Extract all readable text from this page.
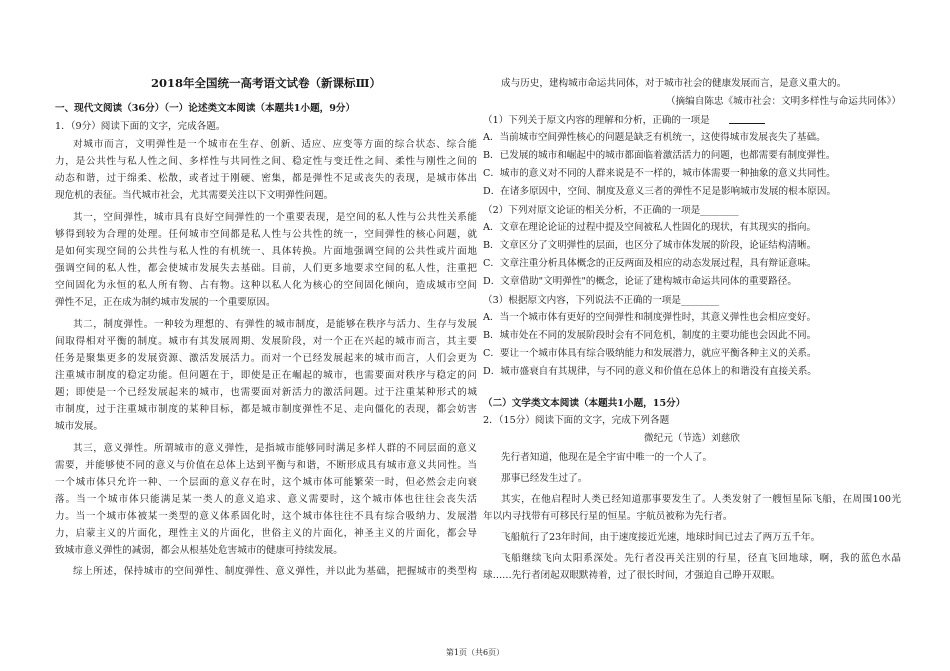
2018年全国统一高考语文试卷（新课标Ⅲ）
一、现代文阅读（36分）（一）论述类文本阅读（本题共1小题，9分）
1．（9分）阅读下面的文字，完成各题。
对城市而言，文明弹性是一个城市在生存、创新、适应、应变等方面的综合状态、综合能
力，是公共性与私人性之间、多样性与共同性之间、稳定性与变迁性之间、柔性与刚性之间的
动态和谐，过于绵柔、松散，或者过于刚硬、密集，都是弹性不足或丧失的表现，是城市体出
现危机的表征。当代城市社会，尤其需要关注以下文明弹性问题。
其一，空间弹性，城市具有良好空间弹性的一个重要表现，是空间的私人性与公共性关系能
够得到较为合理的处理。任何城市空间都是私人性与公共性的统一，空间弹性的核心问题，就
是如何实现空间的公共性与私人性的有机统一、具体转换。片面地强调空间的公共性或片面地
强调空间的私人性，都会使城市发展失去基础。目前，人们更多地要求空间的私人性，注重把
空间固化为永恒的私人所有物、占有物。这种以私人化为核心的空间固化倾向，造成城市空间
弹性不足，正在成为制约城市发展的一个重要原因。
其二，制度弹性。一种较为理想的、有弹性的城市制度，是能够在秩序与活力、生存与发展
间取得相对平衡的制度。城市有其发展周期、发展阶段，对一个正在兴起的城市而言，其主要
任务是聚集更多的发展资源、激活发展活力。而对一个已经发展起来的城市而言，人们会更为
注重城市制度的稳定功能。但问题在于，即使是正在崛起的城市，也需要面对秩序与稳定的问
题；即使是一个已经发展起来的城市，也需要面对新活力的激活问题。过于注重某种形式的城
市制度，过于注重城市制度的某种目标，都是城市制度弹性不足、走向僵化的表现，都会妨害
城市发展。
其三，意义弹性。所谓城市的意义弹性，是指城市能够同时满足多样人群的不同层面的意义
需要，并能够使不同的意义与价值在总体上达到平衡与和谐，不断形成具有城市意义共同性。当
一个城市体只允许一种、一个层面的意义存在时，这个城市体可能繁荣一时，但必然会走向衰
落。当一个城市体只能满足某一类人的意义追求、意义需要时，这个城市体也往往会丧失活
力。当一个城市体被某一类型的意义体系固化时，这个城市体往往不具有综合吸纳力、发展潜
力，启蒙主义的片面化，理性主义的片面化，世俗主义的片面化，神圣主义的片面化，都会导
致城市意义弹性的减弱，都会从根基处危害城市的健康可持续发展。
综上所述，保持城市的空间弹性、制度弹性、意义弹性，并以此为基础，把握城市的类型构
成与历史，建构城市命运共同体，对于城市社会的健康发展而言，是意义重大的。
（摘编自陈忠《城市社会：文明多样性与命运共同体》）
（1）下列关于原文内容的理解和分析，正确的一项是
A．当前城市空间弹性核心的问题是缺乏有机统一，这使得城市发展丧失了基础。
B．已发展的城市和崛起中的城市都面临着激活活力的问题，也都需要有制度弹性。
C．城市的意义对不同的人群来说是不一样的，城市体需要一种抽象的意义共同性。
D．在诸多原因中，空间、制度及意义三者的弹性不足是影响城市发展的根本原因。
（2）下列对原文论证的相关分析，不正确的一项是________
A．文章在理论论证的过程中提及空间被私人性固化的现状，有其现实的指向。
B．文章区分了文明弹性的层面，也区分了城市体发展的阶段，论证结构清晰。
C．文章注重分析具体概念的正反两面及相应的动态发展过程，具有辩证意味。
D．文章借助"文明弹性"的概念，论证了建构城市命运共同体的重要路径。
（3）根据原文内容，下列说法不正确的一项是________
A．当一个城市体有更好的空间弹性和制度弹性时，其意义弹性也会相应变好。
B．城市处在不同的发展阶段时会有不同危机，制度的主要功能也会因此不同。
C．要让一个城市体具有综合吸纳能力和发展潜力，就应平衡各种主义的关系。
D．城市盛衰自有其规律，与不同的意义和价值在总体上的和谐没有直接关系。
（二）文学类文本阅读（本题共1小题，15分）
2．（15分）阅读下面的文字，完成下列各题
微纪元（节选）刘慈欣
先行者知道，他现在是全宇宙中唯一的一个人了。
那事已经发生过了。
其实，在他启程时人类已经知道那事要发生了。人类发射了一艘恒星际飞船，在周围100光
年以内寻找带有可移民行星的恒星。宇航员被称为先行者。
飞船航行了23年时间，由于速度接近光速，地球时间已过去了两万五千年。
飞船继续飞向太阳系深处。先行者没再关注别的行星，径直飞回地球，啊，我的蓝色水晶
球……先行者闭起双眼默祷着，过了很长时间，才强迫自己睁开双眼。
第1页（共6页）
